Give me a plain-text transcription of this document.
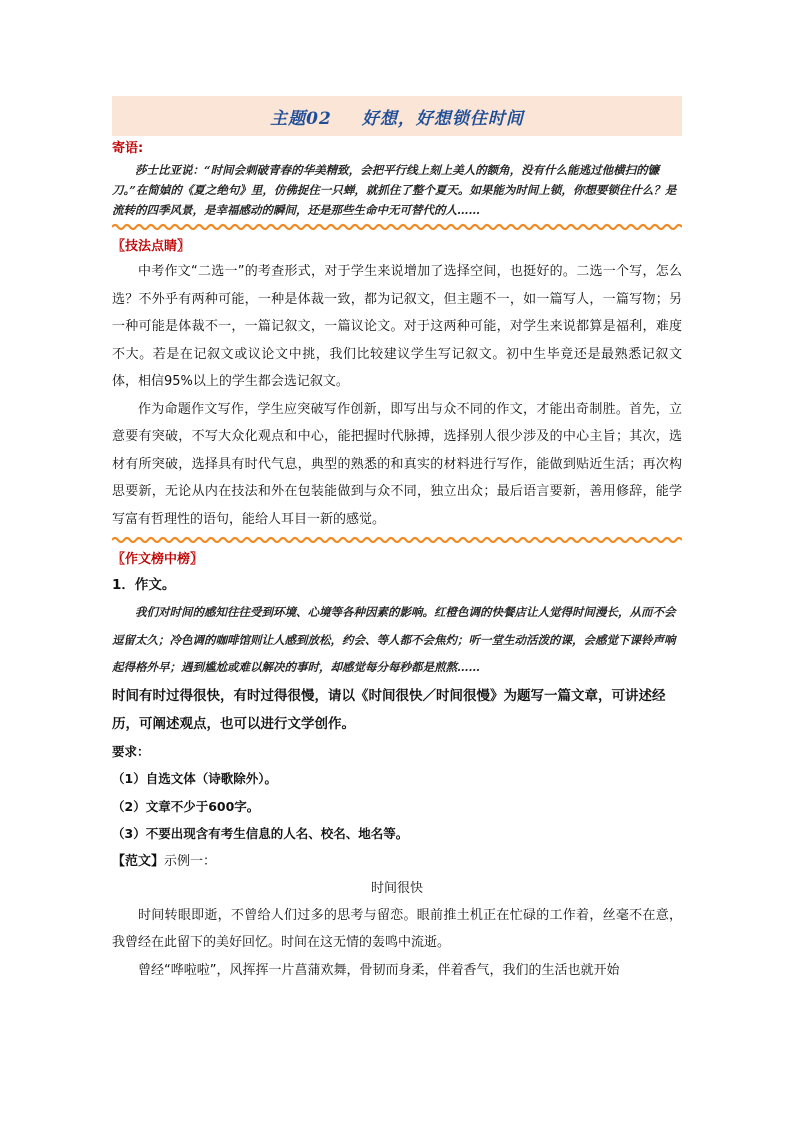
主题02 好想，好想锁住时间
寄语:

莎士比亚说：“时间会刺破青春的华美精致，会把平行线上刻上美人的额角，没有什么能逃过他横扫的镰刀。”在简媜的《夏之绝句》里，仿佛捉住一只蝉，就抓住了整个夏天。如果能为时间上锁，你想要锁住什么？是流转的四季风景，是幸福感动的瞬间，还是那些生命中无可替代的人……

〖技法点睛〗

中考作文“二选一”的考查形式，对于学生来说增加了选择空间，也挺好的。二选一个写，怎么选？不外乎有两种可能，一种是体裁一致，都为记叙文，但主题不一，如一篇写人，一篇写物；另一种可能是体裁不一，一篇记叙文，一篇议论文。对于这两种可能，对学生来说都算是福利，难度不大。若是在记叙文或议论文中挑，我们比较建议学生写记叙文。初中生毕竟还是最熟悉记叙文体，相信95%以上的学生都会选记叙文。

作为命题作文写作，学生应突破写作创新，即写出与众不同的作文，才能出奇制胜。首先，立意要有突破，不写大众化观点和中心，能把握时代脉搏，选择别人很少涉及的中心主旨；其次，选材有所突破，选择具有时代气息，典型的熟悉的和真实的材料进行写作，能做到贴近生活；再次构思要新，无论从内在技法和外在包装能做到与众不同，独立出众；最后语言要新，善用修辞，能学写富有哲理性的语句，能给人耳目一新的感觉。

〖作文榜中榜〗

1．作文。

我们对时间的感知往往受到环境、心境等各种因素的影响。红橙色调的快餐店让人觉得时间漫长，从而不会逗留太久；冷色调的咖啡馆则让人感到放松，约会、等人都不会焦灼；听一堂生动活泼的课，会感觉下课铃声响起得格外早；遇到尴尬或难以解决的事时，却感觉每分每秒都是煎熬……

时间有时过得很快，有时过得很慢，请以《时间很快／时间很慢》为题写一篇文章，可讲述经历，可阐述观点，也可以进行文学创作。

要求：

（1）自选文体（诗歌除外）。

（2）文章不少于600字。

（3）不要出现含有考生信息的人名、校名、地名等。

【范文】示例一：

时间很快

时间转眼即逝，不曾给人们过多的思考与留恋。眼前推土机正在忙碌的工作着，丝毫不在意，我曾经在此留下的美好回忆。时间在这无情的轰鸣中流逝。

曾经“哗啦啦”，风挥挥一片菖蒲欢舞，骨韧而身柔，伴着香气，我们的生活也就开始
